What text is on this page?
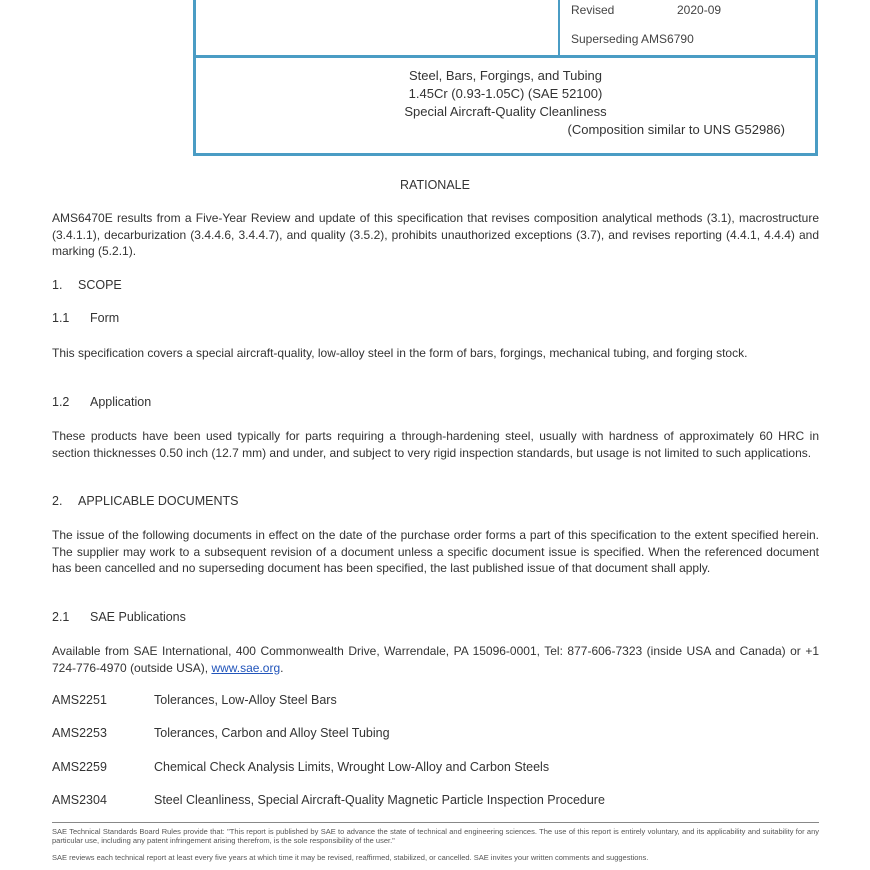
Revised	2020-09
Superseding AMS6790
Steel, Bars, Forgings, and Tubing
1.45Cr (0.93-1.05C) (SAE 52100)
Special Aircraft-Quality Cleanliness
(Composition similar to UNS G52986)
RATIONALE
AMS6470E results from a Five-Year Review and update of this specification that revises composition analytical methods (3.1), macrostructure (3.4.1.1), decarburization (3.4.4.6, 3.4.4.7), and quality (3.5.2), prohibits unauthorized exceptions (3.7), and revises reporting (4.4.1, 4.4.4) and marking (5.2.1).
1. SCOPE
1.1 Form
This specification covers a special aircraft-quality, low-alloy steel in the form of bars, forgings, mechanical tubing, and forging stock.
1.2 Application
These products have been used typically for parts requiring a through-hardening steel, usually with hardness of approximately 60 HRC in section thicknesses 0.50 inch (12.7 mm) and under, and subject to very rigid inspection standards, but usage is not limited to such applications.
2. APPLICABLE DOCUMENTS
The issue of the following documents in effect on the date of the purchase order forms a part of this specification to the extent specified herein. The supplier may work to a subsequent revision of a document unless a specific document issue is specified. When the referenced document has been cancelled and no superseding document has been specified, the last published issue of that document shall apply.
2.1 SAE Publications
Available from SAE International, 400 Commonwealth Drive, Warrendale, PA 15096-0001, Tel: 877-606-7323 (inside USA and Canada) or +1 724-776-4970 (outside USA), www.sae.org.
AMS2251	Tolerances, Low-Alloy Steel Bars
AMS2253	Tolerances, Carbon and Alloy Steel Tubing
AMS2259	Chemical Check Analysis Limits, Wrought Low-Alloy and Carbon Steels
AMS2304	Steel Cleanliness, Special Aircraft-Quality Magnetic Particle Inspection Procedure
SAE Technical Standards Board Rules provide that: "This report is published by SAE to advance the state of technical and engineering sciences. The use of this report is entirely voluntary, and its applicability and suitability for any particular use, including any patent infringement arising therefrom, is the sole responsibility of the user."
SAE reviews each technical report at least every five years at which time it may be revised, reaffirmed, stabilized, or cancelled. SAE invites your written comments and suggestions.
